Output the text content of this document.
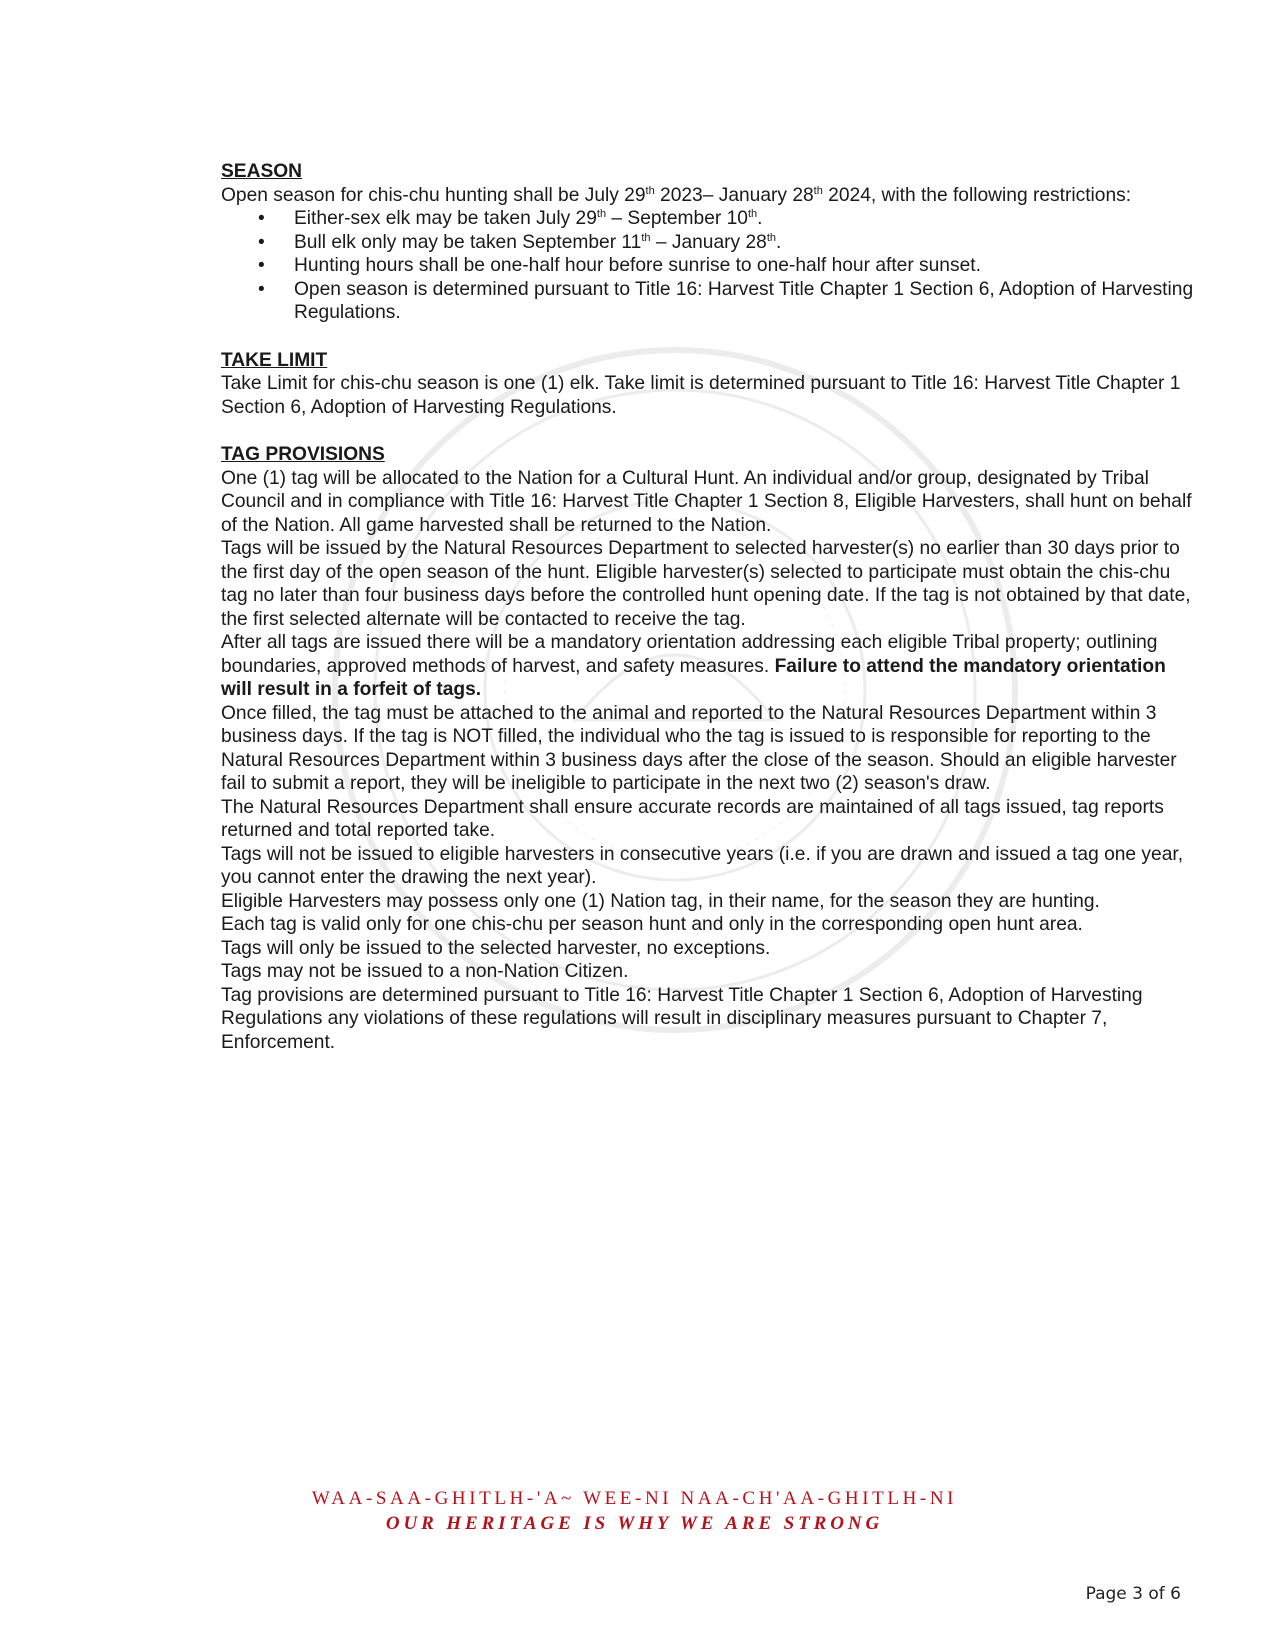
SEASON

Open season for chis-chu hunting shall be July 29th 2023– January 28th 2024, with the following restrictions:

• Either-sex elk may be taken July 29th – September 10th.
• Bull elk only may be taken September 11th – January 28th.
• Hunting hours shall be one-half hour before sunrise to one-half hour after sunset.
• Open season is determined pursuant to Title 16: Harvest Title Chapter 1 Section 6, Adoption of Harvesting Regulations.

TAKE LIMIT

Take Limit for chis-chu season is one (1) elk. Take limit is determined pursuant to Title 16: Harvest Title Chapter 1 Section 6, Adoption of Harvesting Regulations.

TAG PROVISIONS

One (1) tag will be allocated to the Nation for a Cultural Hunt. An individual and/or group, designated by Tribal Council and in compliance with Title 16: Harvest Title Chapter 1 Section 8, Eligible Harvesters, shall hunt on behalf of the Nation. All game harvested shall be returned to the Nation.

Tags will be issued by the Natural Resources Department to selected harvester(s) no earlier than 30 days prior to the first day of the open season of the hunt. Eligible harvester(s) selected to participate must obtain the chis-chu tag no later than four business days before the controlled hunt opening date. If the tag is not obtained by that date, the first selected alternate will be contacted to receive the tag.

After all tags are issued there will be a mandatory orientation addressing each eligible Tribal property; outlining boundaries, approved methods of harvest, and safety measures. Failure to attend the mandatory orientation will result in a forfeit of tags.

Once filled, the tag must be attached to the animal and reported to the Natural Resources Department within 3 business days. If the tag is NOT filled, the individual who the tag is issued to is responsible for reporting to the Natural Resources Department within 3 business days after the close of the season. Should an eligible harvester fail to submit a report, they will be ineligible to participate in the next two (2) season's draw.

The Natural Resources Department shall ensure accurate records are maintained of all tags issued, tag reports returned and total reported take.

Tags will not be issued to eligible harvesters in consecutive years (i.e. if you are drawn and issued a tag one year, you cannot enter the drawing the next year).

Eligible Harvesters may possess only one (1) Nation tag, in their name, for the season they are hunting.

Each tag is valid only for one chis-chu per season hunt and only in the corresponding open hunt area.

Tags will only be issued to the selected harvester, no exceptions.

Tags may not be issued to a non-Nation Citizen.

Tag provisions are determined pursuant to Title 16: Harvest Title Chapter 1 Section 6, Adoption of Harvesting Regulations any violations of these regulations will result in disciplinary measures pursuant to Chapter 7, Enforcement.

WAA-SAA-GHITLH-'A~ WEE-NI NAA-CH'AA-GHITLH-NI
OUR HERITAGE IS WHY WE ARE STRONG
Page 3 of 6
